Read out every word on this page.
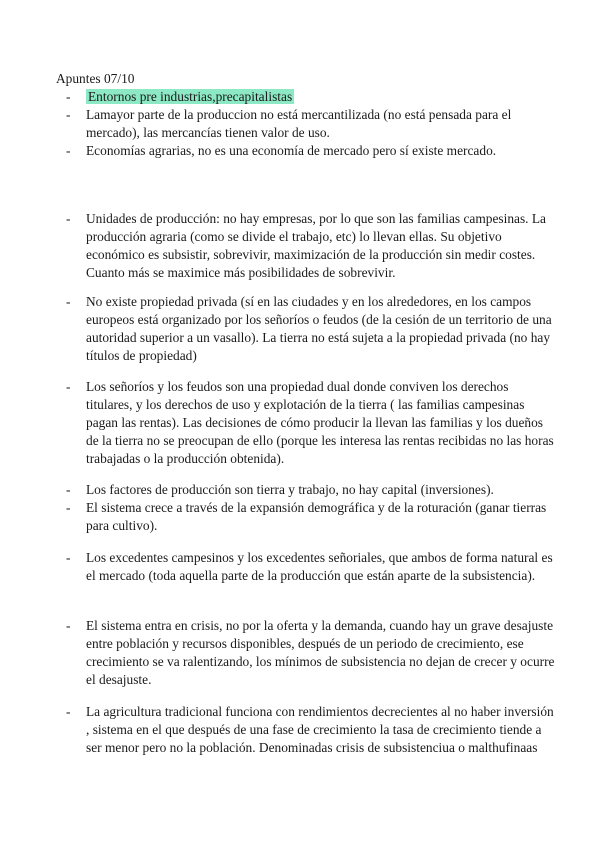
Apuntes 07/10
-	Entornos pre industrias,precapitalistas
-	Lamayor parte de la produccion no está mercantilizada (no está pensada para el mercado), las mercancías tienen valor de uso.
-	Economías agrarias, no es una economía de mercado pero sí existe mercado.
-	Unidades de producción: no hay empresas, por lo que son las familias campesinas. La producción agraria (como se divide el trabajo, etc) lo llevan ellas. Su objetivo económico es subsistir, sobrevivir, maximización de la producción sin medir costes. Cuanto más se maximice más posibilidades de sobrevivir.
-	No existe propiedad privada (sí en las ciudades y en los alrededores, en los campos europeos está organizado por los señoríos o feudos (de la cesión de un territorio de una autoridad superior a un vasallo). La tierra no está sujeta a la propiedad privada (no hay títulos de propiedad)
-	Los señoríos y los feudos son una propiedad dual donde conviven los derechos titulares, y los derechos de uso y explotación de la tierra ( las familias campesinas pagan las rentas). Las decisiones de cómo producir la llevan las familias y los dueños de la tierra no se preocupan de ello (porque les interesa las rentas recibidas no las horas trabajadas o la producción obtenida).
-	Los factores de producción son tierra y trabajo, no hay capital (inversiones).
-	El sistema crece a través de la expansión demográfica y de la roturación (ganar tierras para cultivo).
-	Los excedentes campesinos y los excedentes señoriales, que ambos de forma natural es el mercado (toda aquella parte de la producción que están aparte de la subsistencia).
-	El sistema entra en crisis, no por la oferta y la demanda, cuando hay un grave desajuste entre población y recursos disponibles, después de un periodo de crecimiento, ese crecimiento se va ralentizando, los mínimos de subsistencia no dejan de crecer y ocurre el desajuste.
-	La agricultura tradicional funciona con rendimientos decrecientes al no haber inversión , sistema en el que después de una fase de crecimiento la tasa de crecimiento tiende a ser menor pero no la población. Denominadas crisis de subsistenciua o malthufinaas
